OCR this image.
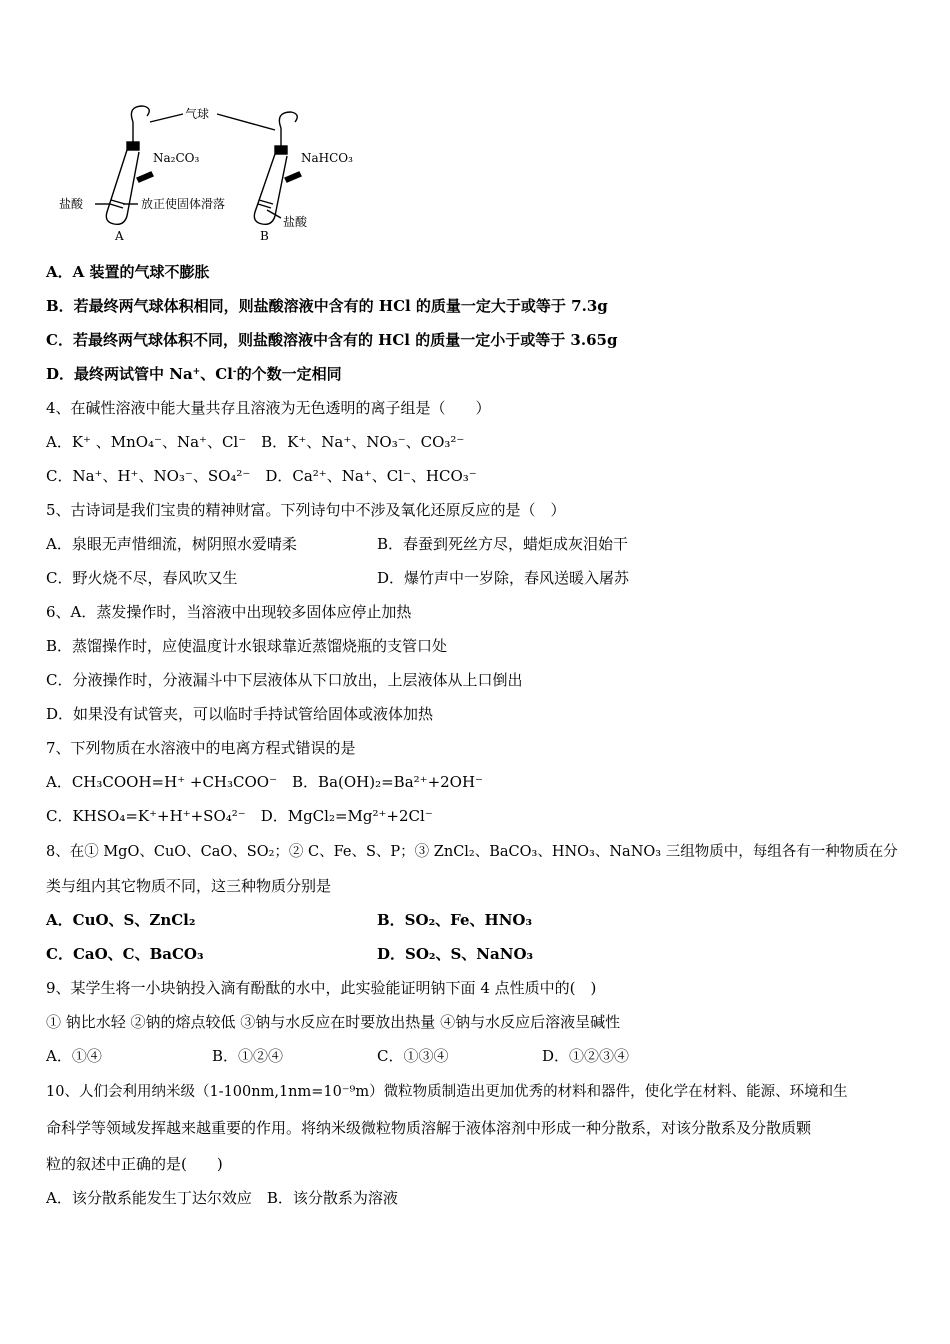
气球
Na₂CO₃	NaHCO₃
盐酸	放正使固体滑落
盐酸
A	B
A．A 装置的气球不膨胀
B．若最终两气球体积相同，则盐酸溶液中含有的 HCl 的质量一定大于或等于 7.3g
C．若最终两气球体积不同，则盐酸溶液中含有的 HCl 的质量一定小于或等于 3.65g
D．最终两试管中 Na+、Cl-的个数一定相同
4、在碱性溶液中能大量共存且溶液为无色透明的离子组是（　　）
A．K⁺ 、MnO₄⁻、Na⁺、Cl⁻　B．K⁺、Na⁺、NO₃⁻、CO₃²⁻
C．Na⁺、H⁺、NO₃⁻、SO₄²⁻　D．Ca²⁺、Na⁺、Cl⁻、HCO₃⁻
5、古诗词是我们宝贵的精神财富。下列诗句中不涉及氧化还原反应的是（　）
A．泉眼无声惜细流，树阴照水爱晴柔	B．春蚕到死丝方尽，蜡炬成灰泪始干
C．野火烧不尽，春风吹又生	D．爆竹声中一岁除，春风送暖入屠苏
6、A．蒸发操作时，当溶液中出现较多固体应停止加热
B．蒸馏操作时，应使温度计水银球靠近蒸馏烧瓶的支管口处
C．分液操作时，分液漏斗中下层液体从下口放出，上层液体从上口倒出
D．如果没有试管夹，可以临时手持试管给固体或液体加热
7、下列物质在水溶液中的电离方程式错误的是
A．CH₃COOH=H⁺ +CH₃COO⁻　B．Ba(OH)₂=Ba²⁺+2OH⁻
C．KHSO₄=K⁺+H⁺+SO₄²⁻　D．MgCl₂=Mg²⁺+2Cl⁻
8、在① MgO、CuO、CaO、SO₂；② C、Fe、S、P；③ ZnCl₂、BaCO₃、HNO₃、NaNO₃ 三组物质中，每组各有一种物质在分
类与组内其它物质不同，这三种物质分别是
A．CuO、S、ZnCl₂	B．SO₂、Fe、HNO₃
C．CaO、C、BaCO₃	D．SO₂、S、NaNO₃
9、某学生将一小块钠投入滴有酚酞的水中，此实验能证明钠下面 4 点性质中的(　)
① 钠比水轻 ②钠的熔点较低 ③钠与水反应在时要放出热量 ④钠与水反应后溶液呈碱性
A．①④	B．①②④	C．①③④	D．①②③④
10、人们会利用纳米级（1-100nm,1nm=10⁻⁹m）微粒物质制造出更加优秀的材料和器件，使化学在材料、能源、环境和生
命科学等领域发挥越来越重要的作用。将纳米级微粒物质溶解于液体溶剂中形成一种分散系，对该分散系及分散质颗
粒的叙述中正确的是(　　)
A．该分散系能发生丁达尔效应　B．该分散系为溶液
